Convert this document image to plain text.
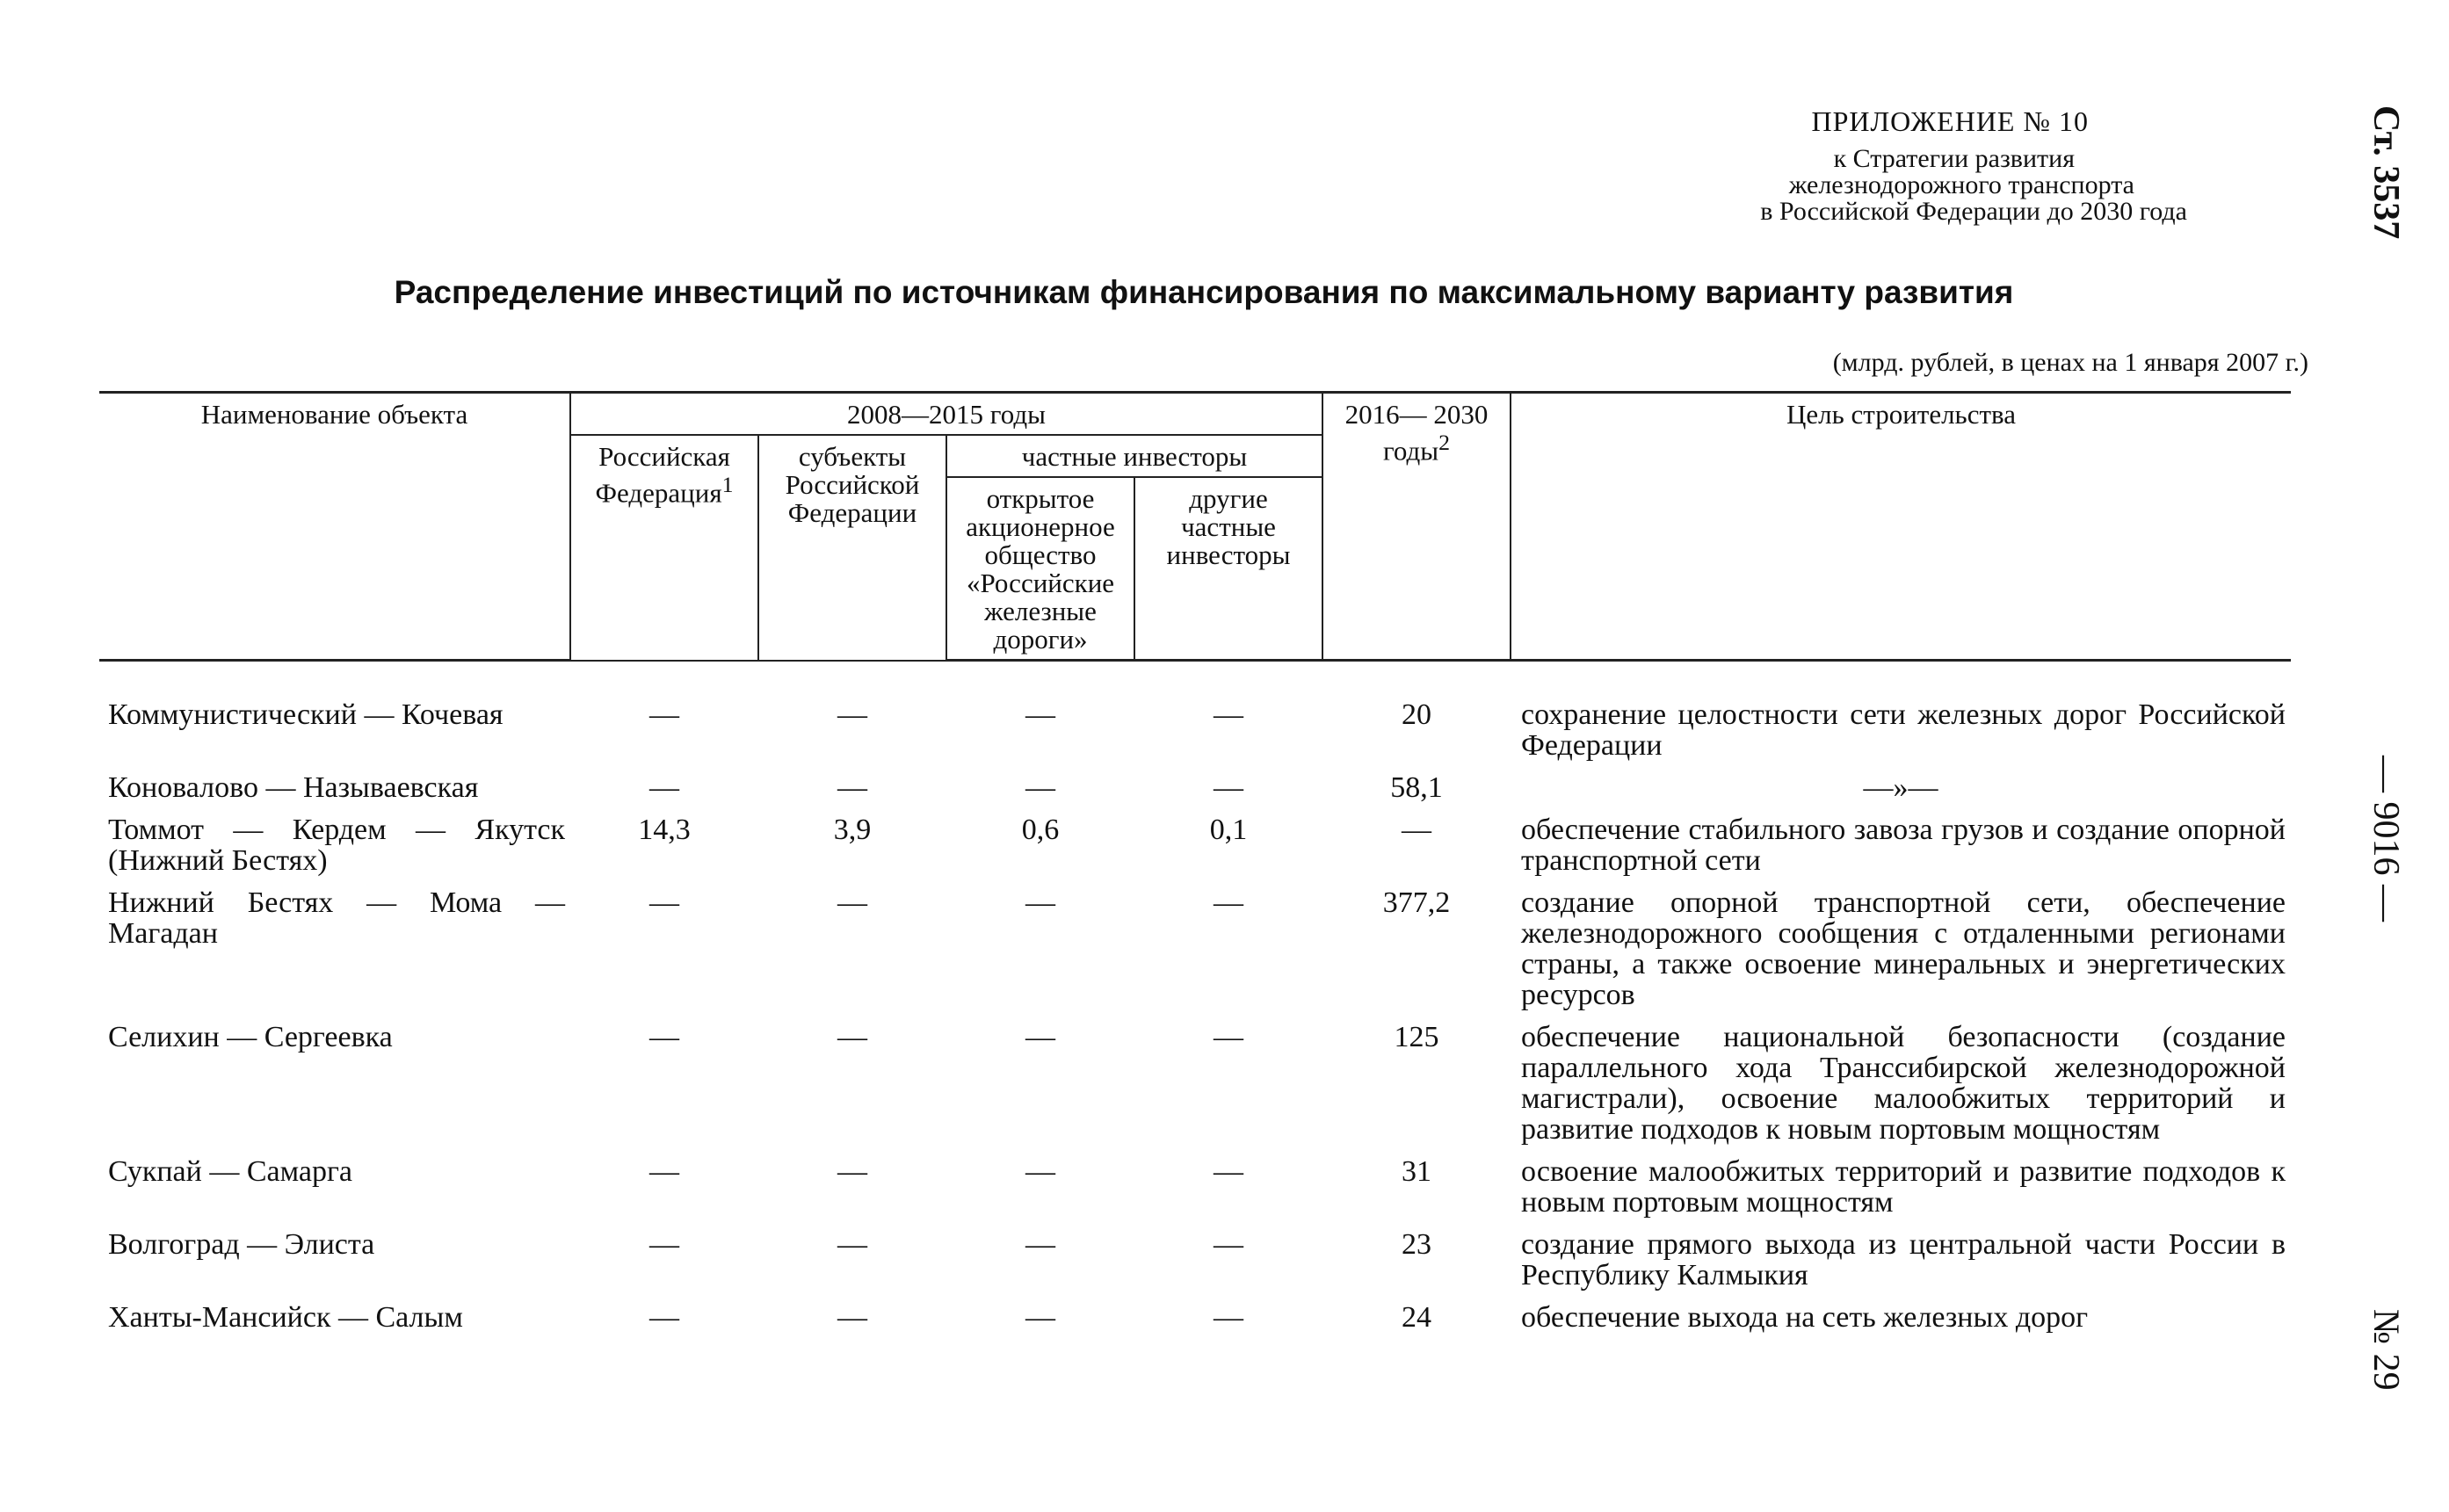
ПРИЛОЖЕНИЕ № 10
к Стратегии развития
железнодорожного транспорта
в Российской Федерации до 2030 года	Ст. 3537
— 9016 —
№ 29
Распределение инвестиций по источникам финансирования по максимальному варианту развития
(млрд. рублей, в ценах на 1 января 2007 г.)
Наименование объекта	2008—2015 годы				2016— 2030 годы$^2$	Цель строительства
	Российская Федерация$^1$	субъекты Российской Федерации	частные инвесторы			
			открытое акционерное общество «Российские железные дороги»	другие частные инвесторы		

Коммунистический — Кочевая	—	—	—	—	20	сохранение целостности сети железных дорог Российской Федерации
Коновалово — Называевская	—	—	—	—	58,1	—»—
Томмот — Кердем — Якутск (Нижний Бестях)	14,3	3,9	0,6	0,1	—	обеспечение стабильного завоза грузов и создание опорной транспортной сети
Нижний Бестях — Мома — Магадан	—	—	—	—	377,2	создание опорной транспортной сети, обеспечение железнодорожного сообщения с отдаленными регионами страны, а также освоение минеральных и энергетических ресурсов
Селихин — Сергеевка	—	—	—	—	125	обеспечение национальной безопасности (создание параллельного хода Транссибирской железнодорожной магистрали), освоение малообжитых территорий и развитие подходов к новым портовым мощностям
Сукпай — Самарга	—	—	—	—	31	освоение малообжитых территорий и развитие подходов к новым портовым мощностям
Волгоград — Элиста	—	—	—	—	23	создание прямого выхода из центральной части России в Республику Калмыкия
Ханты-Мансийск — Салым	—	—	—	—	24	обеспечение выхода на сеть железных дорог
